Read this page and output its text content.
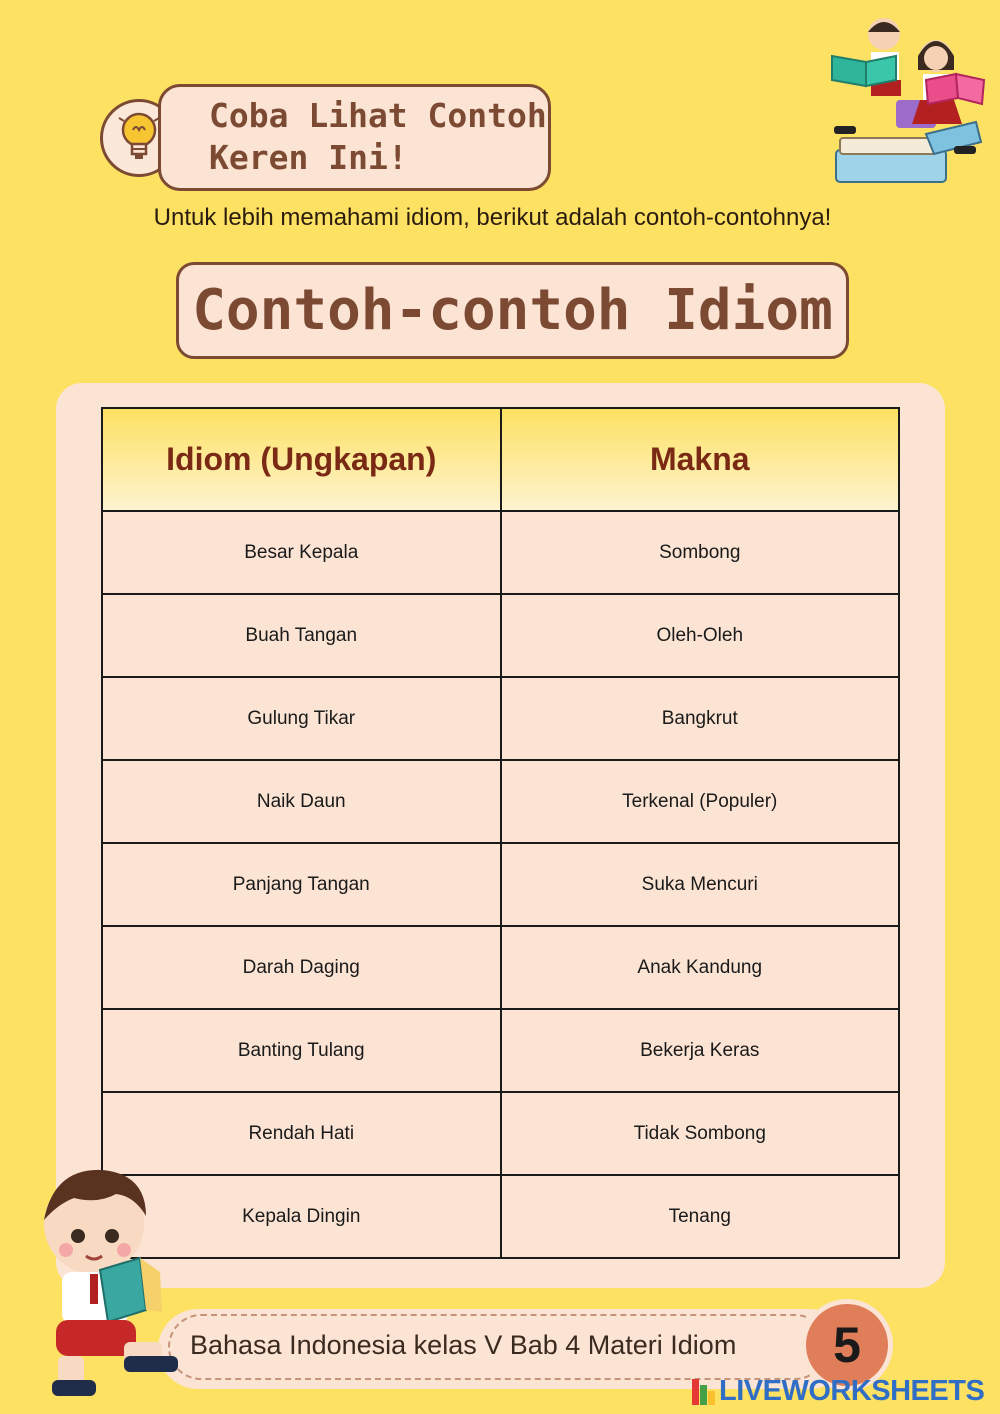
Coba Lihat Contoh
Keren Ini!
Untuk lebih memahami idiom, berikut adalah contoh-contohnya!
Contoh-contoh Idiom
Idiom (Ungkapan)	Makna
Besar Kepala	Sombong
Buah Tangan	Oleh-Oleh
Gulung Tikar	Bangkrut
Naik Daun	Terkenal (Populer)
Panjang Tangan	Suka Mencuri
Darah Daging	Anak Kandung
Banting Tulang	Bekerja Keras
Rendah Hati	Tidak Sombong
Kepala Dingin	Tenang
Bahasa Indonesia kelas V Bab 4 Materi Idiom	5
LIVEWORKSHEETS
